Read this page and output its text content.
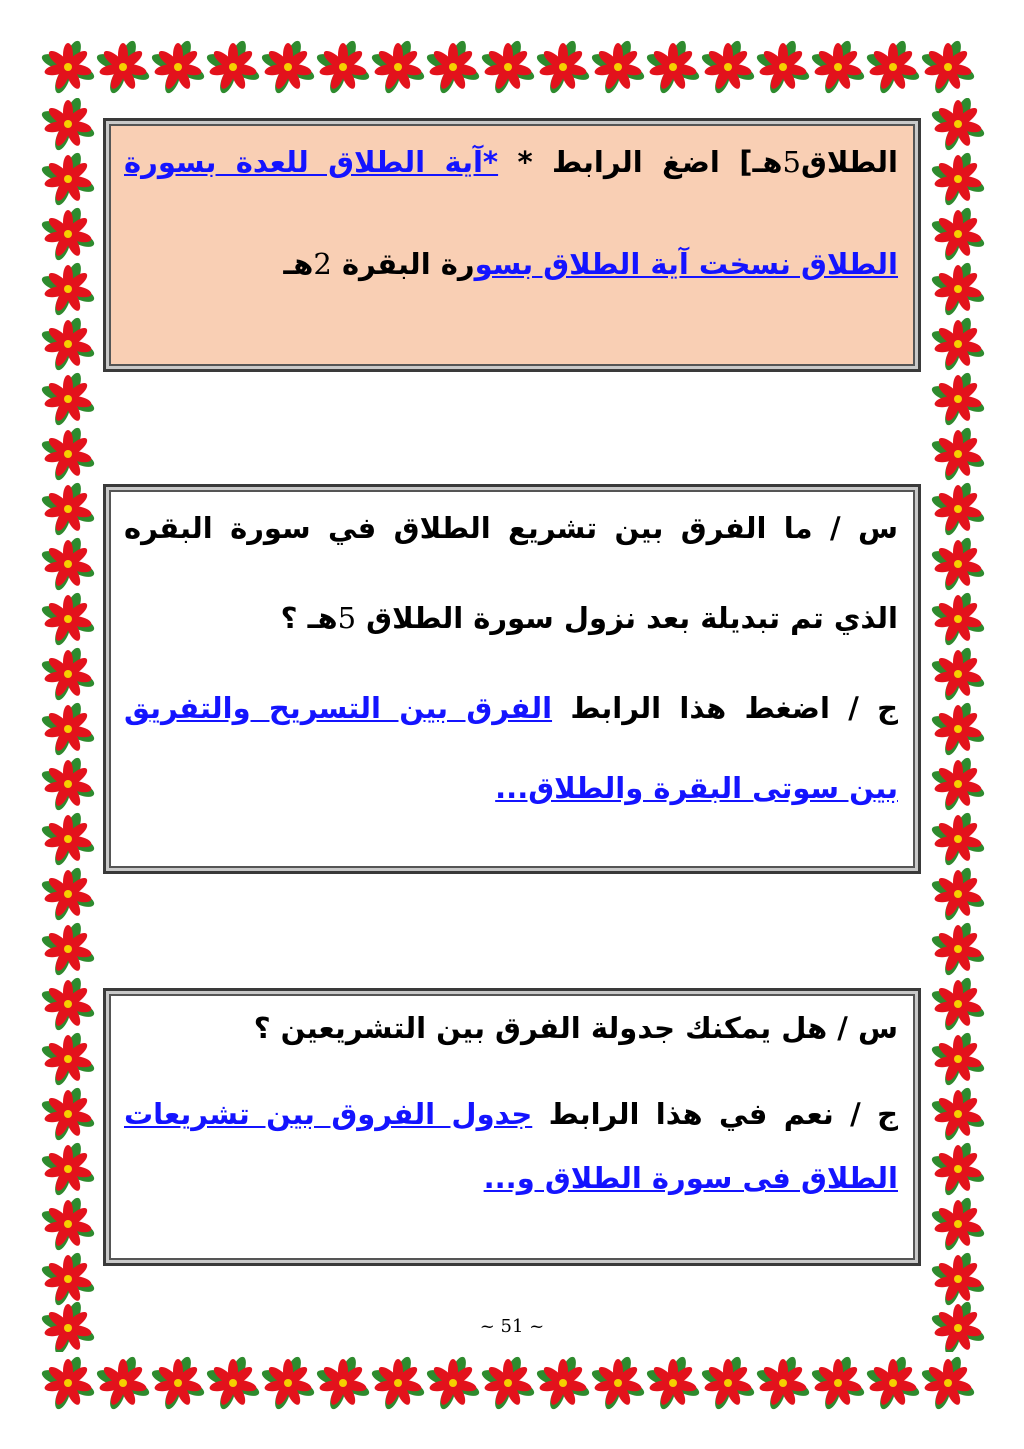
الطلاق5هـ] اضغ الرابط * *آية الطلاق للعدة بسورة
الطلاق نسخت آية الطلاق بسورة البقرة 2هـ
س / ما الفرق بين تشريع الطلاق في سورة البقره
الذي تم تبديلة بعد نزول سورة الطلاق 5هـ ؟
ج / اضغط هذا الرابط الفرق بين التسريح والتفريق
بين سوتى البقرة والطلاق...
س / هل يمكنك جدولة الفرق بين التشريعين ؟
ج / نعم في هذا الرابط جدول الفروق بين تشريعات
الطلاق فى سورة الطلاق و...
~ 51 ~
